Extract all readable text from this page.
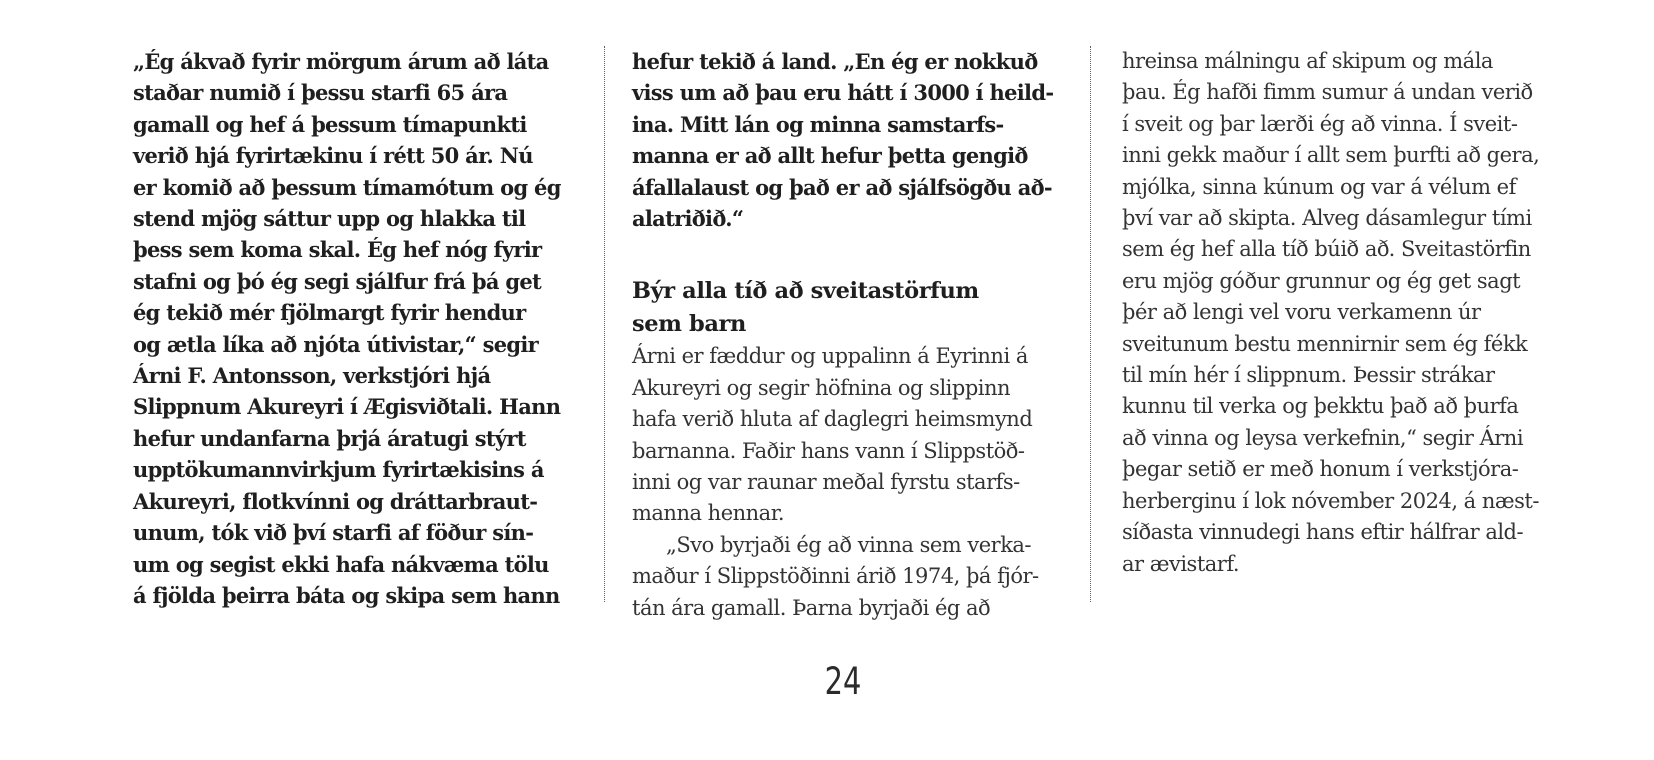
„Ég ákvað fyrir mörgum árum að láta
staðar numið í þessu starfi 65 ára
gamall og hef á þessum tímapunkti
verið hjá fyrirtækinu í rétt 50 ár. Nú
er komið að þessum tímamótum og ég
stend mjög sáttur upp og hlakka til
þess sem koma skal. Ég hef nóg fyrir
stafni og þó ég segi sjálfur frá þá get
ég tekið mér fjölmargt fyrir hendur
og ætla líka að njóta útivistar,“ segir
Árni F. Antonsson, verkstjóri hjá
Slippnum Akureyri í Ægisviðtali. Hann
hefur undanfarna þrjá áratugi stýrt
upptökumannvirkjum fyrirtækisins á
Akureyri, flotkvínni og dráttarbraut-
unum, tók við því starfi af föður sín-
um og segist ekki hafa nákvæma tölu
á fjölda þeirra báta og skipa sem hann
hefur tekið á land. „En ég er nokkuð
viss um að þau eru hátt í 3000 í heild-
ina. Mitt lán og minna samstarfs-
manna er að allt hefur þetta gengið
áfallalaust og það er að sjálfsögðu að-
alatriðið.“
Býr alla tíð að sveitastörfum
sem barn
Árni er fæddur og uppalinn á Eyrinni á
Akureyri og segir höfnina og slippinn
hafa verið hluta af daglegri heimsmynd
barnanna. Faðir hans vann í Slippstöð-
inni og var raunar meðal fyrstu starfs-
manna hennar.
„Svo byrjaði ég að vinna sem verka-
maður í Slippstöðinni árið 1974, þá fjór-
tán ára gamall. Þarna byrjaði ég að
hreinsa málningu af skipum og mála
þau. Ég hafði fimm sumur á undan verið
í sveit og þar lærði ég að vinna. Í sveit-
inni gekk maður í allt sem þurfti að gera,
mjólka, sinna kúnum og var á vélum ef
því var að skipta. Alveg dásamlegur tími
sem ég hef alla tíð búið að. Sveitastörfin
eru mjög góður grunnur og ég get sagt
þér að lengi vel voru verkamenn úr
sveitunum bestu mennirnir sem ég fékk
til mín hér í slippnum. Þessir strákar
kunnu til verka og þekktu það að þurfa
að vinna og leysa verkefnin,“ segir Árni
þegar setið er með honum í verkstjóra-
herberginu í lok nóvember 2024, á næst-
síðasta vinnudegi hans eftir hálfrar ald-
ar ævistarf.
24
